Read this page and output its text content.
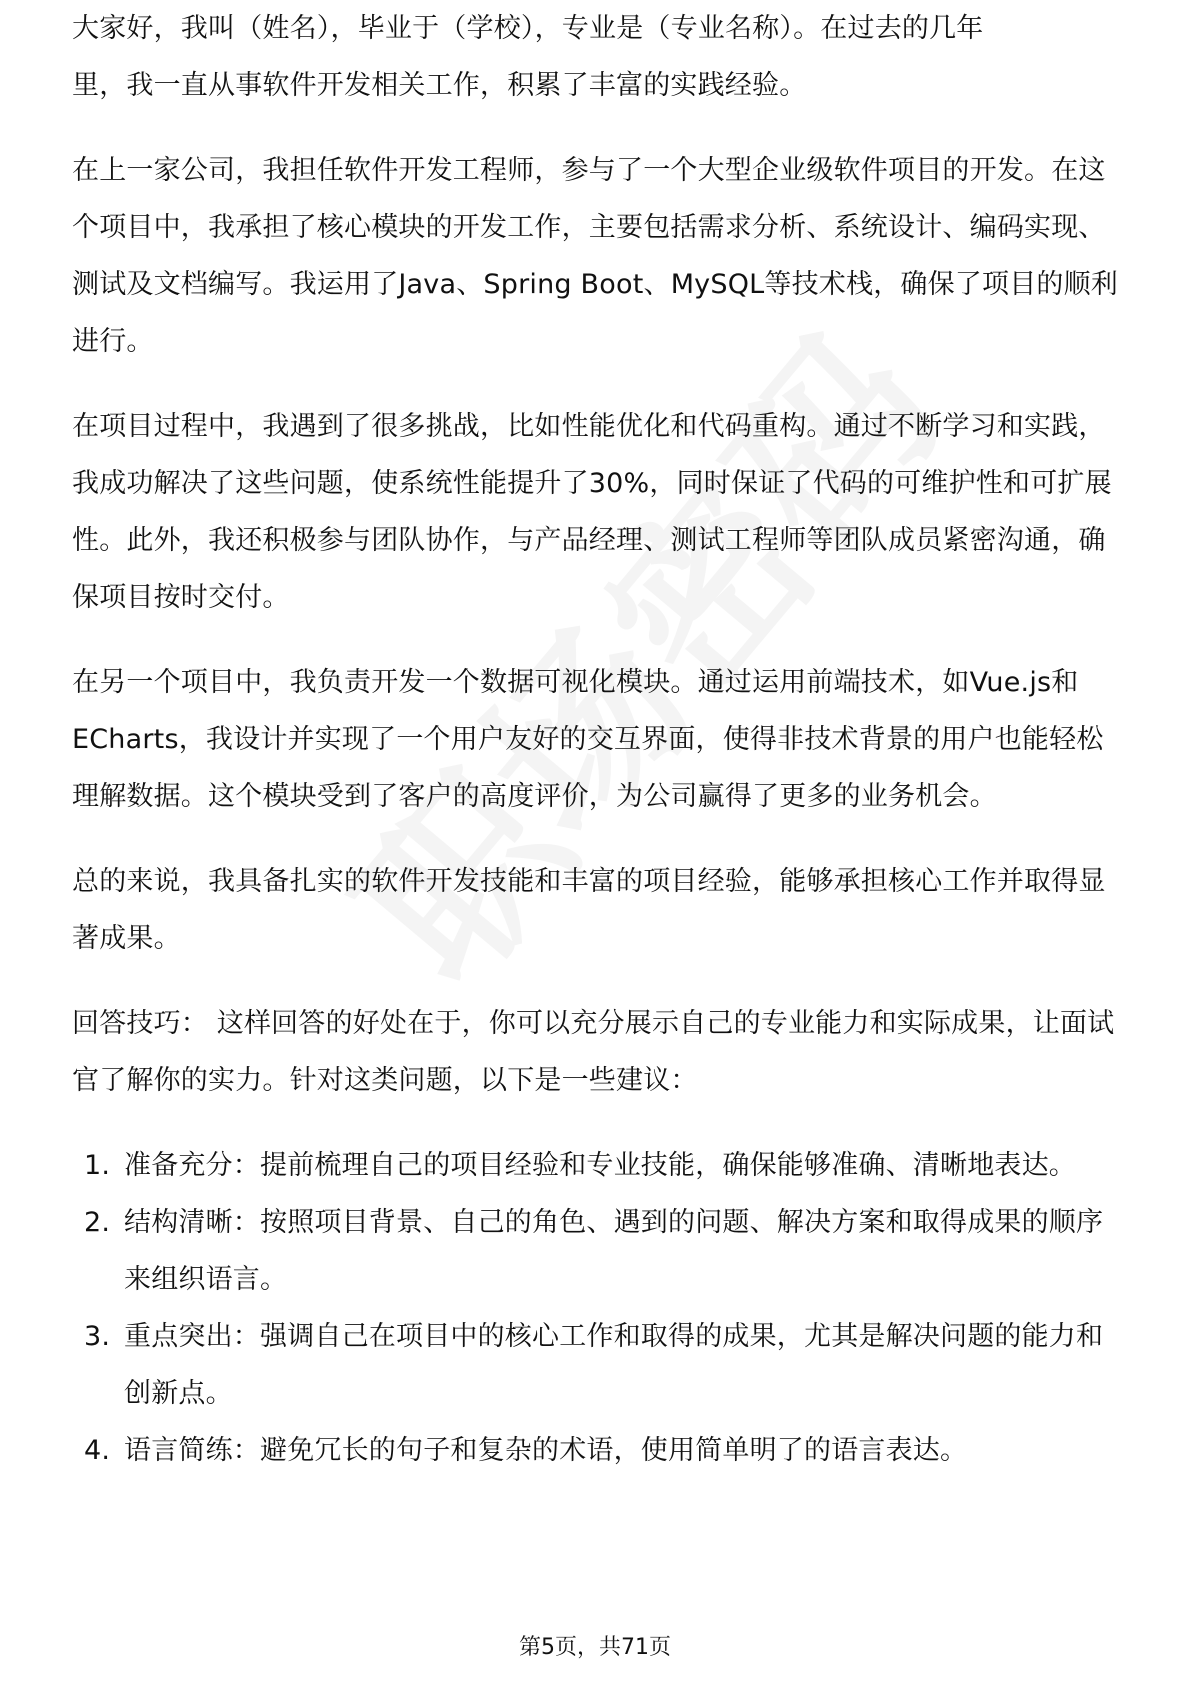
大家好，我叫（姓名），毕业于（学校），专业是（专业名称）。在过去的几年

里，我一直从事软件开发相关工作，积累了丰富的实践经验。

在上一家公司，我担任软件开发工程师，参与了一个大型企业级软件项目的开发。在这个项目中，我承担了核心模块的开发工作，主要包括需求分析、系统设计、编码实现、测试及文档编写。我运用了Java、Spring Boot、MySQL等技术栈，确保了项目的顺利进行。

在项目过程中，我遇到了很多挑战，比如性能优化和代码重构。通过不断学习和实践，我成功解决了这些问题，使系统性能提升了30%，同时保证了代码的可维护性和可扩展性。此外，我还积极参与团队协作，与产品经理、测试工程师等团队成员紧密沟通，确保项目按时交付。

在另一个项目中，我负责开发一个数据可视化模块。通过运用前端技术，如Vue.js和ECharts，我设计并实现了一个用户友好的交互界面，使得非技术背景的用户也能轻松理解数据。这个模块受到了客户的高度评价，为公司赢得了更多的业务机会。

总的来说，我具备扎实的软件开发技能和丰富的项目经验，能够承担核心工作并取得显著成果。

回答技巧： 这样回答的好处在于，你可以充分展示自己的专业能力和实际成果，让面试官了解你的实力。针对这类问题，以下是一些建议：

1. 准备充分：提前梳理自己的项目经验和专业技能，确保能够准确、清晰地表达。
2. 结构清晰：按照项目背景、自己的角色、遇到的问题、解决方案和取得成果的顺序来组织语言。
3. 重点突出：强调自己在项目中的核心工作和取得的成果，尤其是解决问题的能力和创新点。
4. 语言简练：避免冗长的句子和复杂的术语，使用简单明了的语言表达。
第5页，共71页
